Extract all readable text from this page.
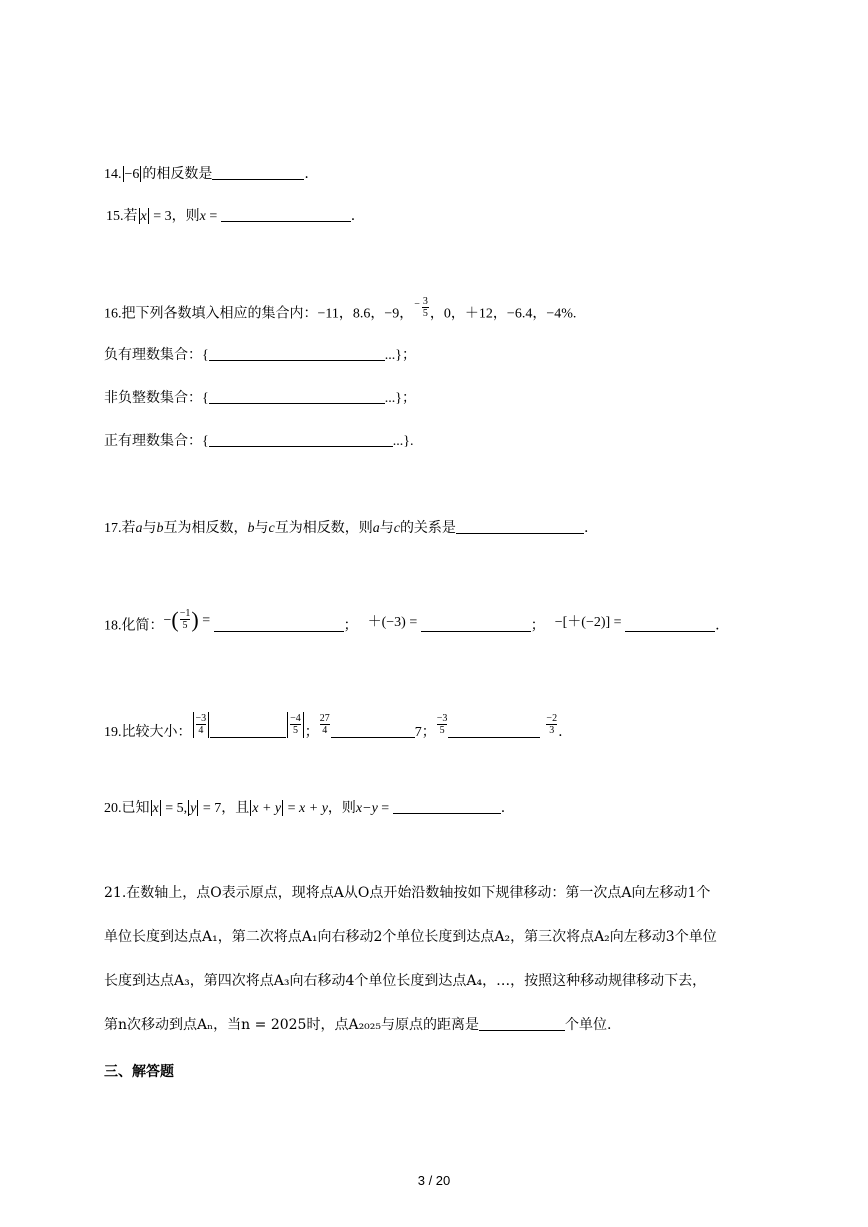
14. −6 的相反数是	.
15.若 x = 3，则x =	.
16.把下列各数填入相应的集合内：−11，8.6，−9，
− $\frac{3}{5}$ ，0，＋12，−6.4，−4%.
负有理数集合：{	...}；
非负整数集合：{	...}；
正有理数集合：{	...}.
17.若a与b互为相反数，b与c互为相反数，则a与c的关系是	.
18.化简：−( $\frac{-1}{5}$ ) =	； ＋(−3) =	； −[＋(−2)] =	.
19.比较大小： $\frac{-3}{4}$	$\frac{-4}{5}$ ； $\frac{27}{4}$	7； $\frac{-3}{5}$	$\frac{-2}{3}$ .
20.已知 x = 5, y = 7，且 x + y = x + y，则x−y =	.
21.在数轴上，点O表示原点，现将点A从O点开始沿数轴按如下规律移动：第一次点A向左移动1个
单位长度到达点A₁，第二次将点A₁向右移动2个单位长度到达点A₂，第三次将点A₂向左移动3个单位
长度到达点A₃，第四次将点A₃向右移动4个单位长度到达点A₄，…，按照这种移动规律移动下去，
第n次移动到点Aₙ，当n = 2025时，点A₂₀₂₅与原点的距离是	个单位.
三、解答题
3 / 20
